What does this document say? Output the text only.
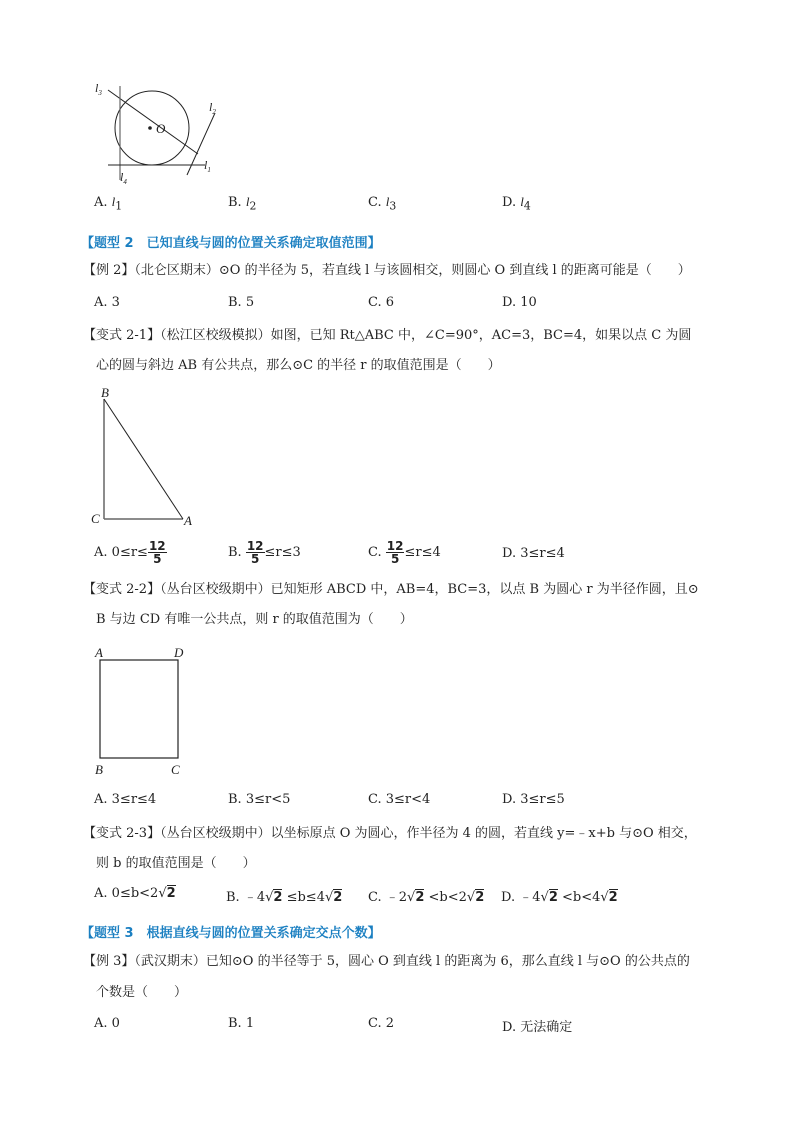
O
$l_3$
$l_2$
$l_1$
$l_4$
A. $l_1$	B. $l_2$	C. $l_3$	D. $l_4$
【题型 2　已知直线与圆的位置关系确定取值范围】
【例 2】（北仑区期末）⊙O 的半径为 5，若直线 l 与该圆相交，则圆心 O 到直线 l 的距离可能是（　　）
A. 3	B. 5	C. 6	D. 10
【变式 2-1】（松江区校级模拟）如图，已知 Rt△ABC 中，∠C=90°，AC=3，BC=4，如果以点 C 为圆
心的圆与斜边 AB 有公共点，那么⊙C 的半径 r 的取值范围是（　　）
B
C	A
A. $0\le r\le \frac{12}{5}$	B. $\frac{12}{5} \le r\le 3$	C. $\frac{12}{5} \le r\le 4$	D. 3≤r≤4
【变式 2-2】（丛台区校级期中）已知矩形 ABCD 中，AB=4，BC=3，以点 B 为圆心 r 为半径作圆，且⊙
B 与边 CD 有唯一公共点，则 r 的取值范围为（　　）
A	D
B	C
A. 3≤r≤4	B. 3≤r<5	C. 3≤r<4	D. 3≤r≤5
【变式 2-3】（丛台区校级期中）以坐标原点 O 为圆心，作半径为 4 的圆，若直线 y=﹣x+b 与⊙O 相交，
则 b 的取值范围是（　　）
A. 0≤b<2√2	B. ﹣4√2 ≤b≤4√2 C. ﹣2√2 <b<2√2 D. ﹣4√2 <b<4√2
【题型 3　根据直线与圆的位置关系确定交点个数】
【例 3】（武汉期末）已知⊙O 的半径等于 5，圆心 O 到直线 l 的距离为 6，那么直线 l 与⊙O 的公共点的
个数是（　　）
A. 0	B. 1	C. 2	D. 无法确定
